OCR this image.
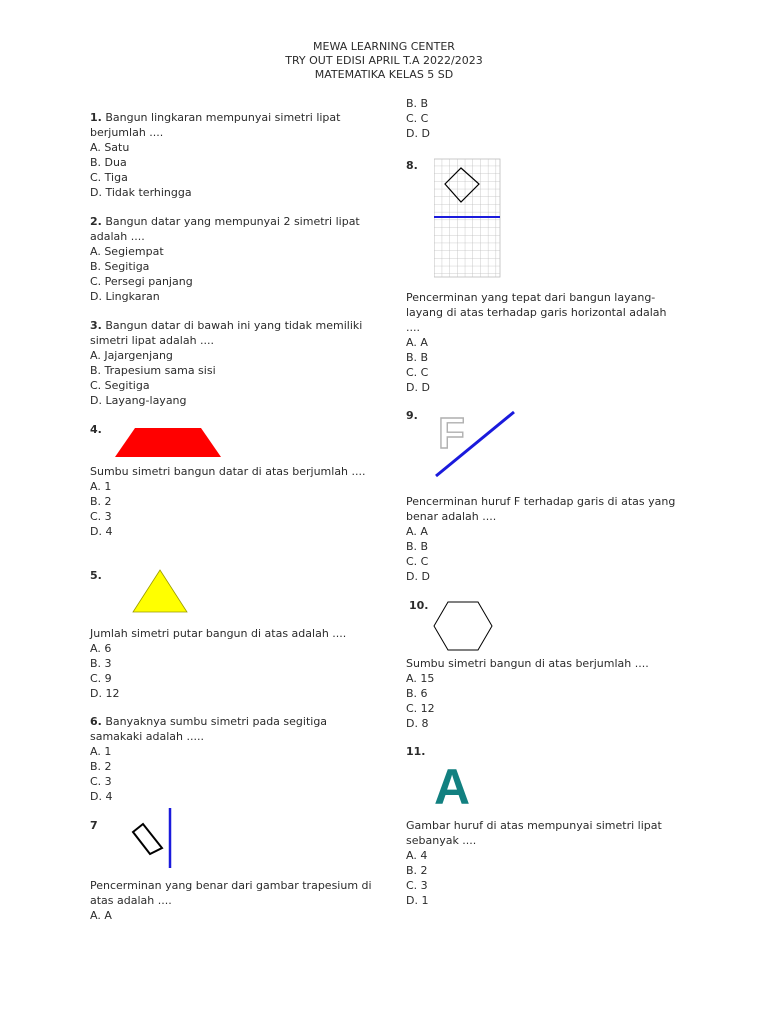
MEWA LEARNING CENTER
TRY OUT EDISI APRIL T.A 2022/2023
MATEMATIKA KELAS 5 SD
1. Bangun lingkaran mempunyai simetri lipat berjumlah ....
A. Satu
B. Dua
C. Tiga
D. Tidak terhingga
2. Bangun datar yang mempunyai 2 simetri lipat adalah ....
A. Segiempat
B. Segitiga
C. Persegi panjang
D. Lingkaran
3. Bangun datar di bawah ini yang tidak memiliki simetri lipat adalah ....
A. Jajargenjang
B. Trapesium sama sisi
C. Segitiga
D. Layang-layang
4.
Sumbu simetri bangun datar di atas berjumlah ....
A. 1
B. 2
C. 3
D. 4
5.
Jumlah simetri putar bangun di atas adalah ....
A. 6
B. 3
C. 9
D. 12
6. Banyaknya sumbu simetri pada segitiga samakaki adalah .....
A. 1
B. 2
C. 3
D. 4
7
Pencerminan yang benar dari gambar trapesium di atas adalah ....
A. A
B. B
C. C
D. D
8.
Pencerminan yang tepat dari bangun layang-layang di atas terhadap garis horizontal adalah ....
A. A
B. B
C. C
D. D
9. F
Pencerminan huruf F terhadap garis di atas yang benar adalah ....
A. A
B. B
C. C
D. D
10.
Sumbu simetri bangun di atas berjumlah ....
A. 15
B. 6
C. 12
D. 8
11.
A
Gambar huruf di atas mempunyai simetri lipat sebanyak ....
A. 4
B. 2
C. 3
D. 1
